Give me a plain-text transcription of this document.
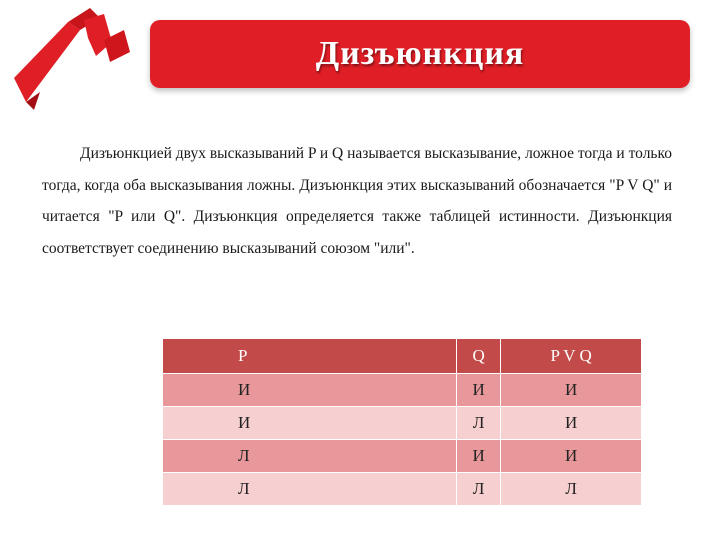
Дизъюнкция
Дизъюнкцией двух высказываний P и Q называется высказывание, ложное тогда и только тогда, когда оба высказывания ложны. Дизъюнкция этих высказываний обозначается "P V Q" и читается "P или Q". Дизъюнкция определяется также таблицей истинности. Дизъюнкция соответствует соединению высказываний союзом "или".
P	Q	P V Q
И	И	И
И	Л	И
Л	И	И
Л	Л	Л
